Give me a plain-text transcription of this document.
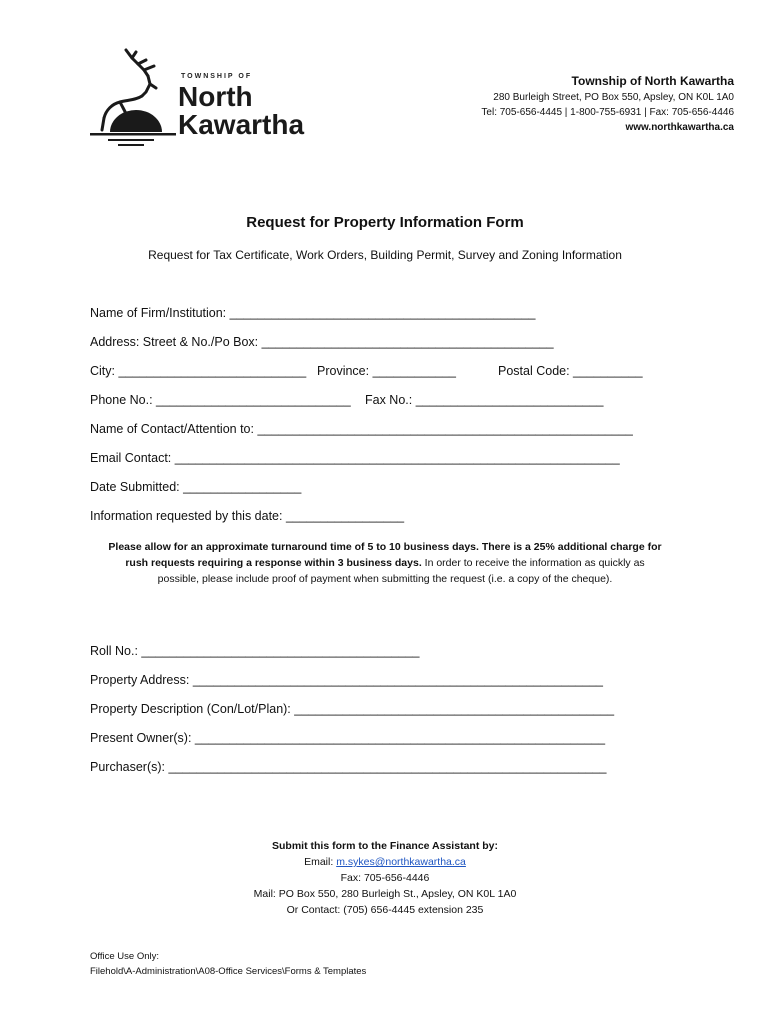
TOWNSHIP OF
North
Kawartha
Township of North Kawartha
280 Burleigh Street, PO Box 550, Apsley, ON K0L 1A0
Tel: 705-656-4445 | 1-800-755-6931 | Fax: 705-656-4446
www.northkawartha.ca
Request for Property Information Form
Request for Tax Certificate, Work Orders, Building Permit, Survey and Zoning Information
Name of Firm/Institution: ____________________________________________
Address: Street & No./Po Box: __________________________________________
City: ___________________________ Province: ____________	Postal Code: __________
Phone No.: ____________________________ Fax No.: ___________________________
Name of Contact/Attention to: ______________________________________________________
Email Contact: ________________________________________________________________
Date Submitted: _________________
Information requested by this date: _________________
Please allow for an approximate turnaround time of 5 to 10 business days. There is a 25% additional charge for
rush requests requiring a response within 3 business days. In order to receive the information as quickly as
possible, please include proof of payment when submitting the request (i.e. a copy of the cheque).
Roll No.: ________________________________________
Property Address: ___________________________________________________________
Property Description (Con/Lot/Plan): ______________________________________________
Present Owner(s): ___________________________________________________________
Purchaser(s): _______________________________________________________________
Submit this form to the Finance Assistant by:
Email: m.sykes@northkawartha.ca
Fax: 705-656-4446
Mail: PO Box 550, 280 Burleigh St., Apsley, ON K0L 1A0
Or Contact: (705) 656-4445 extension 235
Office Use Only:
Filehold\A-Administration\A08-Office Services\Forms & Templates
